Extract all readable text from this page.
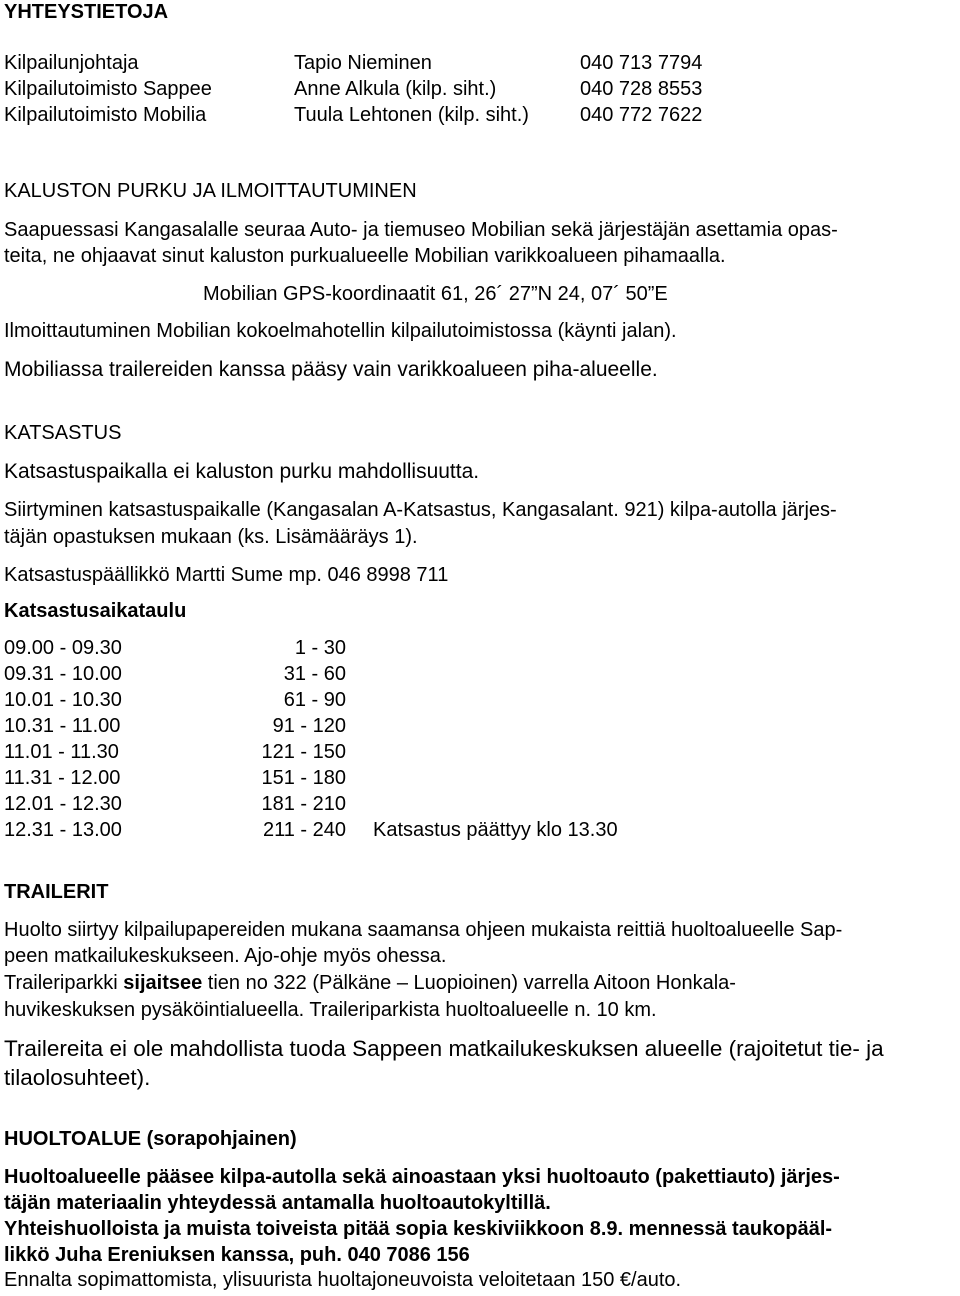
YHTEYSTIETOJA
Kilpailunjohtaja	Tapio Nieminen	040 713 7794
Kilpailutoimisto Sappee	Anne Alkula (kilp. siht.)	040 728 8553
Kilpailutoimisto Mobilia	Tuula Lehtonen (kilp. siht.)	040 772 7622
KALUSTON PURKU JA ILMOITTAUTUMINEN
Saapuessasi Kangasalalle seuraa Auto- ja tiemuseo Mobilian sekä järjestäjän asettamia opas-
teita, ne ohjaavat sinut kaluston purkualueelle Mobilian varikkoalueen pihamaalla.
Mobilian GPS-koordinaatit 61, 26´ 27”N 24, 07´ 50”E
Ilmoittautuminen Mobilian kokoelmahotellin kilpailutoimistossa (käynti jalan).
Mobiliassa trailereiden kanssa pääsy vain varikkoalueen piha-alueelle.
KATSASTUS
Katsastuspaikalla ei kaluston purku mahdollisuutta.
Siirtyminen katsastuspaikalle (Kangasalan A-Katsastus, Kangasalant. 921) kilpa-autolla järjes-
täjän opastuksen mukaan (ks. Lisämääräys 1).
Katsastuspäällikkö Martti Sume mp. 046 8998 711
Katsastusaikataulu
09.00 - 09.30	1 - 30
09.31 - 10.00	31 - 60
10.01 - 10.30	61 - 90
10.31 - 11.00	91 - 120
11.01 - 11.30	121 - 150
11.31 - 12.00	151 - 180
12.01 - 12.30	181 - 210
12.31 - 13.00	211 - 240 Katsastus päättyy klo 13.30
TRAILERIT
Huolto siirtyy kilpailupapereiden mukana saamansa ohjeen mukaista reittiä huoltoalueelle Sap-
peen matkailukeskukseen. Ajo-ohje myös ohessa.
Traileriparkki sijaitsee tien no 322 (Pälkäne – Luopioinen) varrella Aitoon Honkala-
huvikeskuksen pysäköintialueella. Traileriparkista huoltoalueelle n. 10 km.
Trailereita ei ole mahdollista tuoda Sappeen matkailukeskuksen alueelle (rajoitetut tie- ja
tilaolosuhteet).
HUOLTOALUE (sorapohjainen)
Huoltoalueelle pääsee kilpa-autolla sekä ainoastaan yksi huoltoauto (pakettiauto) järjes-
täjän materiaalin yhteydessä antamalla huoltoautokyltillä.
Yhteishuolloista ja muista toiveista pitää sopia keskiviikkoon 8.9. mennessä taukopääl-
likkö Juha Ereniuksen kanssa, puh. 040 7086 156
Ennalta sopimattomista, ylisuurista huoltajoneuvoista veloitetaan 150 €/auto.
